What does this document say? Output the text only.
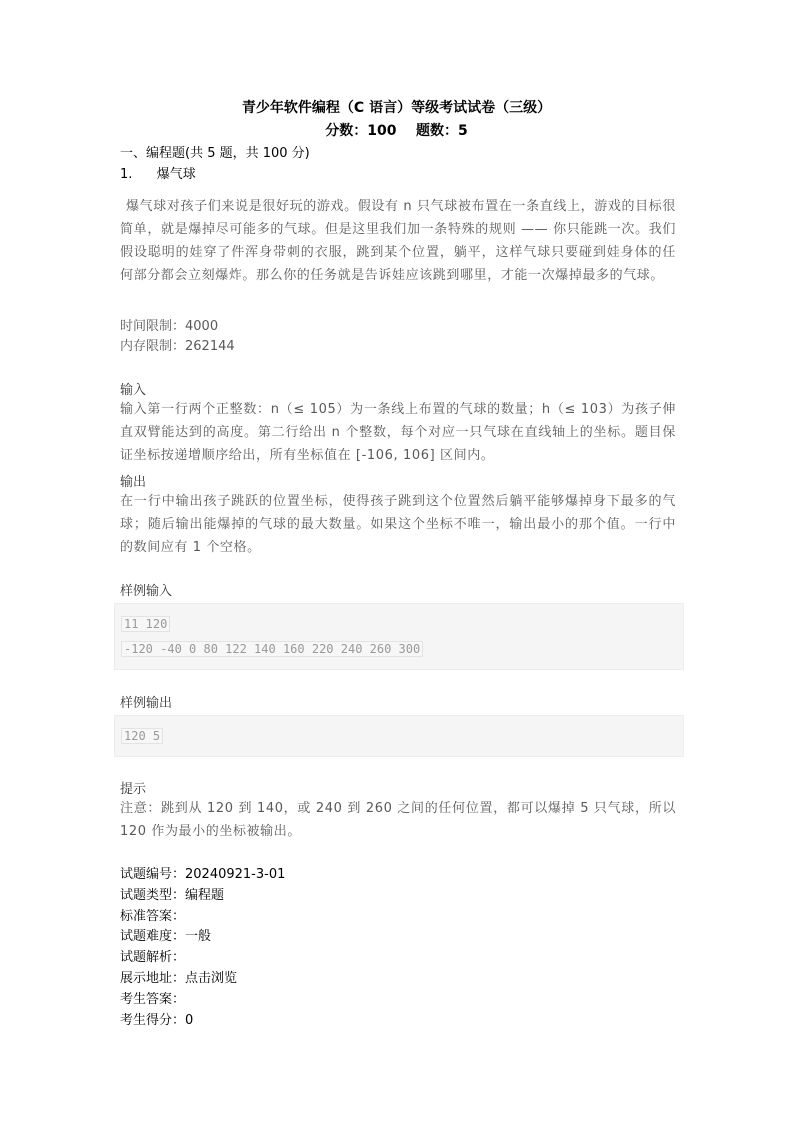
青少年软件编程（C 语言）等级考试试卷（三级）
分数：100    题数：5
一、编程题(共 5 题，共 100 分)
1. 爆气球
爆气球对孩子们来说是很好玩的游戏。假设有 n 只气球被布置在一条直线上，游戏的目标很简单，就是爆掉尽可能多的气球。但是这里我们加一条特殊的规则 —— 你只能跳一次。我们假设聪明的娃穿了件浑身带刺的衣服，跳到某个位置，躺平，这样气球只要碰到娃身体的任何部分都会立刻爆炸。那么你的任务就是告诉娃应该跳到哪里，才能一次爆掉最多的气球。
时间限制：4000
内存限制：262144
输入
输入第一行两个正整数：n（≤ 105）为一条线上布置的气球的数量；h（≤ 103）为孩子伸直双臂能达到的高度。第二行给出 n 个整数，每个对应一只气球在直线轴上的坐标。题目保证坐标按递增顺序给出，所有坐标值在 [-106, 106] 区间内。
输出
在一行中输出孩子跳跃的位置坐标，使得孩子跳到这个位置然后躺平能够爆掉身下最多的气球；随后输出能爆掉的气球的最大数量。如果这个坐标不唯一，输出最小的那个值。一行中的数间应有 1 个空格。
样例输入
11 120
-120 -40 0 80 122 140 160 220 240 260 300
样例输出
120 5
提示
注意：跳到从 120 到 140，或 240 到 260 之间的任何位置，都可以爆掉 5 只气球，所以 120 作为最小的坐标被输出。
试题编号：20240921-3-01
试题类型：编程题
标准答案：
试题难度：一般
试题解析：
展示地址：点击浏览
考生答案：
考生得分：0
